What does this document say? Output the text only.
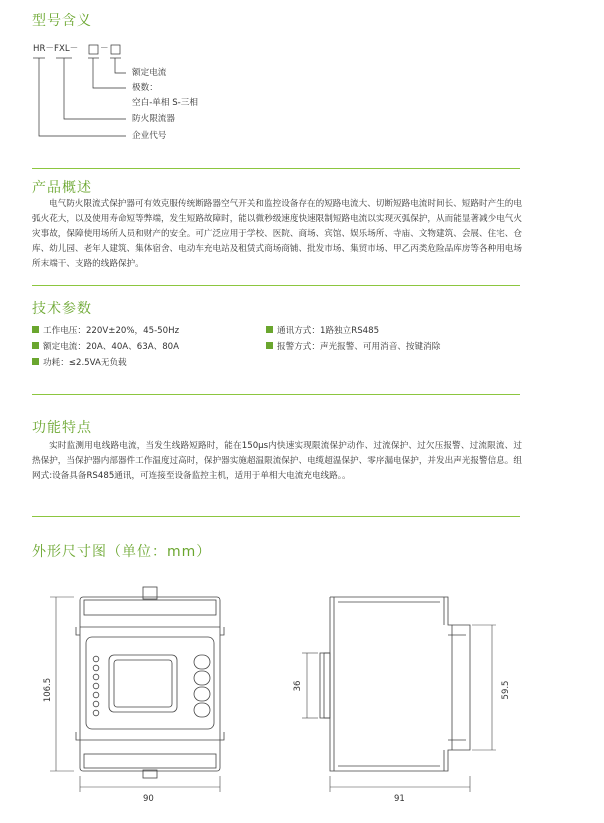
型号含义
HR－FXL－	－
额定电流
极数：
空白-单相 S-三相
防火限流器
企业代号
产品概述

电气防火限流式保护器可有效克服传统断路器空气开关和监控设备存在的短路电流大、切断短路电流时间长、短路时产生的电弧火花大，以及使用寿命短等弊端，发生短路故障时，能以微秒级速度快速限制短路电流以实现灭弧保护，从而能显著减少电气火灾事故，保障使用场所人员和财产的安全。可广泛应用于学校、医院、商场、宾馆、娱乐场所、寺庙、文物建筑、会展、住宅、仓库、幼儿园、老年人建筑、集体宿舍、电动车充电站及租赁式商场商铺、批发市场、集贸市场、甲乙丙类危险品库房等各种用电场所末端干、支路的线路保护。

技术参数
工作电压：220V±20%，45-50Hz
额定电流：20A、40A、63A、80A
功耗：≤2.5VA无负载
通讯方式：1路独立RS485
报警方式：声光报警、可用消音、按键消除
功能特点

实时监测用电线路电流，当发生线路短路时，能在150μs内快速实现限流保护动作、过流保护、过欠压报警、过流限流、过热保护，当保护器内部器件工作温度过高时，保护器实施超温限流保护、电缆超温保护、零序漏电保护，并发出声光报警信息。组网式:设备具备RS485通讯，可连接至设备监控主机，适用于单相大电流充电线路。。

外形尺寸图（单位：mm）
90
106.5
91
36	59.5
